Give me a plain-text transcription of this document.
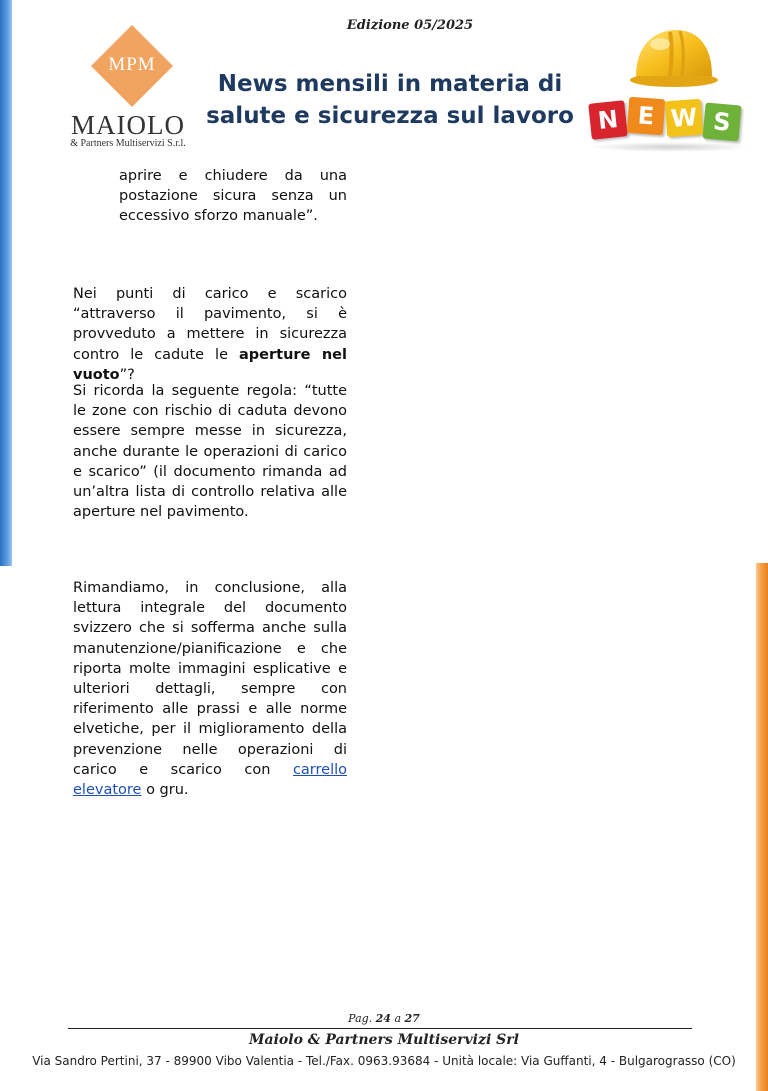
Edizione 05/2025
MPM
MAIOLO
& Partners Multiservizi S.r.l.
News mensili in materia di
salute e sicurezza sul lavoro N E W S

aprire e chiudere da una postazione sicura senza un eccessivo sforzo manuale”.

Nei punti di carico e scarico “attraverso il pavimento, si è provveduto a mettere in sicurezza contro le cadute le aperture nel vuoto”?

Si ricorda la seguente regola: “tutte le zone con rischio di caduta devono essere sempre messe in sicurezza, anche durante le operazioni di carico e scarico” (il documento rimanda ad un’altra lista di controllo relativa alle aperture nel pavimento.

Rimandiamo, in conclusione, alla lettura integrale del documento svizzero che si sofferma anche sulla manutenzione/pianificazione e che riporta molte immagini esplicative e ulteriori dettagli, sempre con riferimento alle prassi e alle norme elvetiche, per il miglioramento della prevenzione nelle operazioni di carico e scarico con carrello elevatore o gru.

Pag. 24 a 27
Maiolo & Partners Multiservizi Srl
Via Sandro Pertini, 37 - 89900 Vibo Valentia - Tel./Fax. 0963.93684 - Unità locale: Via Guffanti, 4 - Bulgarograsso (CO)
